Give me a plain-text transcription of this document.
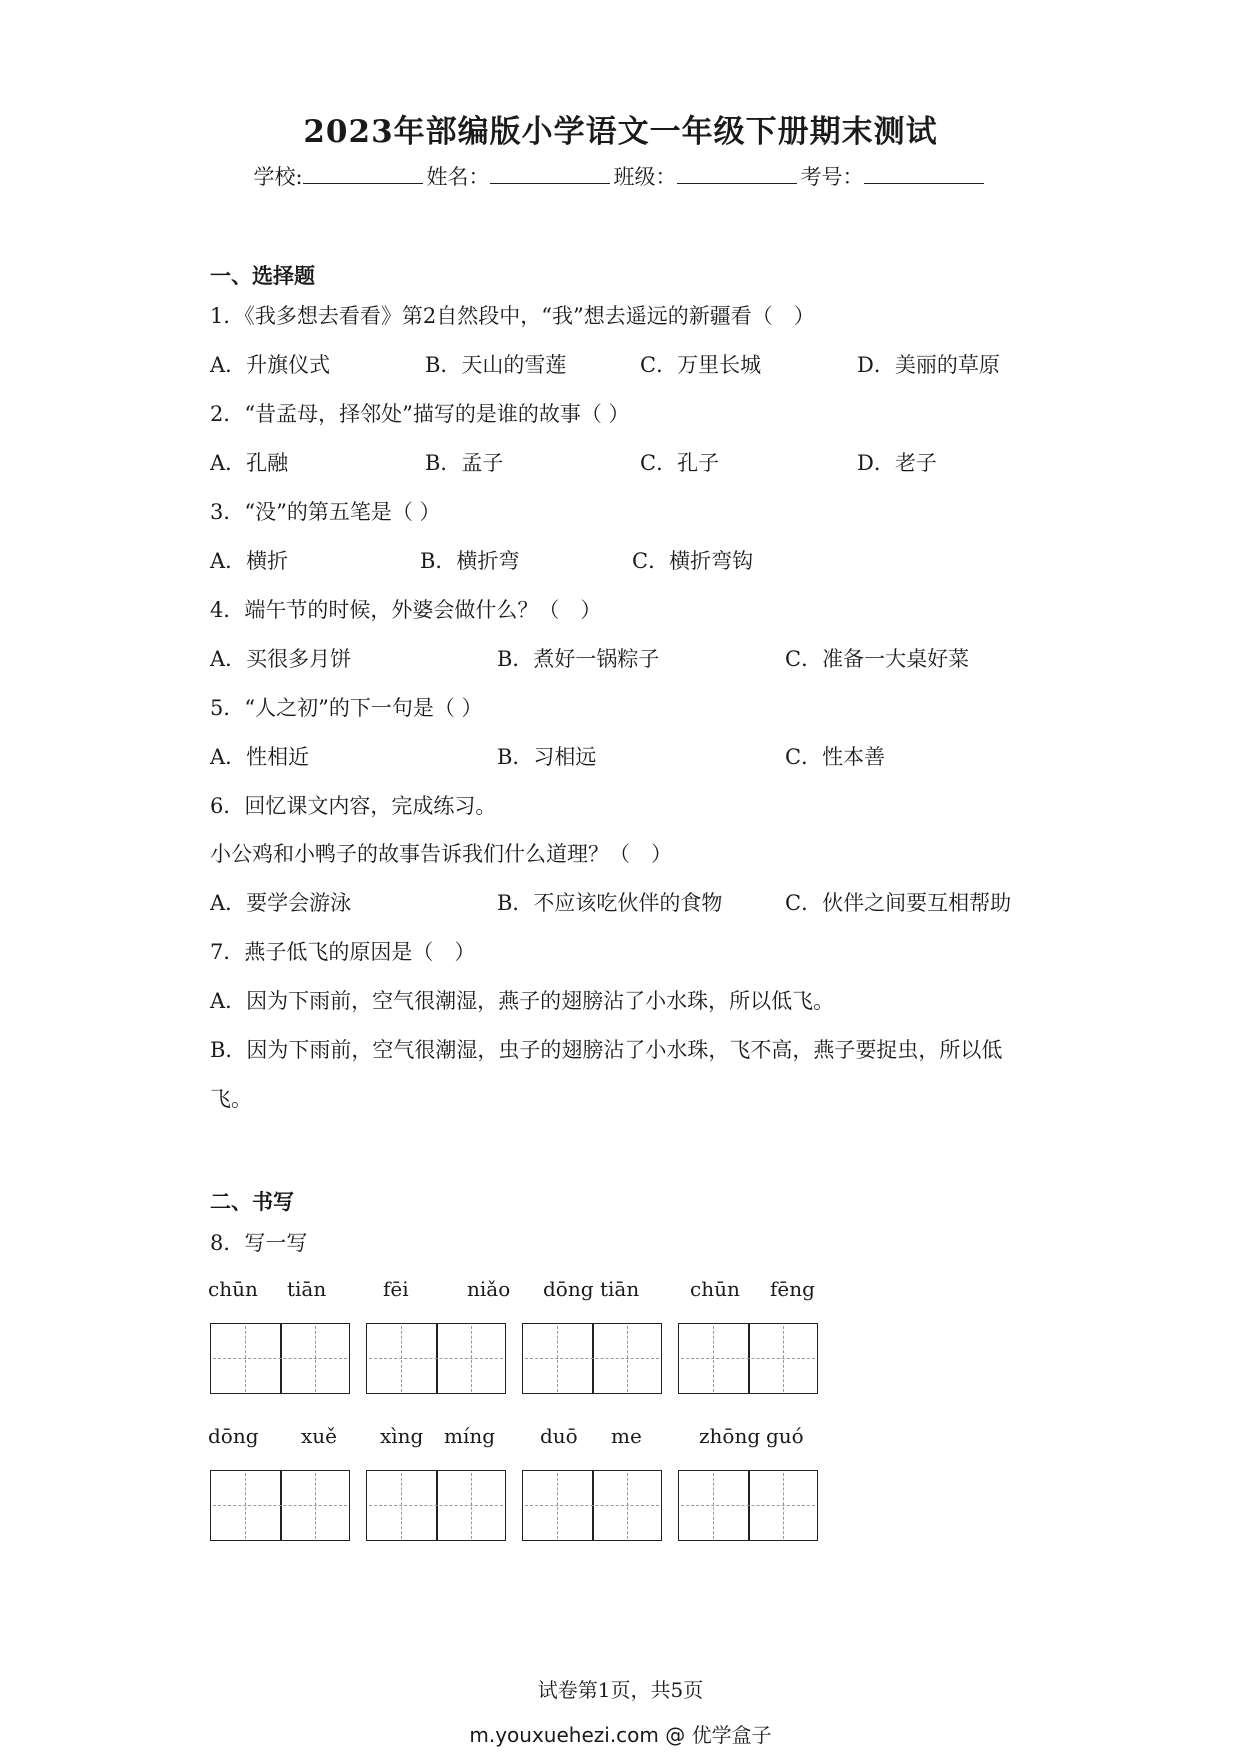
2023年部编版小学语文一年级下册期末测试
学校:	姓名：	班级：	考号：
一、选择题
1．《我多想去看看》第2自然段中，“我”想去遥远的新疆看（　）
A．升旗仪式	B．天山的雪莲	C．万里长城	D．美丽的草原
2．“昔孟母，择邻处”描写的是谁的故事（ ）
A．孔融	B．孟子	C．孔子	D．老子
3．“没”的第五笔是（ ）
A．横折	B．横折弯	C．横折弯钩
4．端午节的时候，外婆会做什么？（　）
A．买很多月饼	B．煮好一锅粽子	C．准备一大桌好菜
5．“人之初”的下一句是（ ）
A．性相近	B．习相远	C．性本善
6．回忆课文内容，完成练习。
小公鸡和小鸭子的故事告诉我们什么道理？（　）
A．要学会游泳	B．不应该吃伙伴的食物	C．伙伴之间要互相帮助
7．燕子低飞的原因是（　）
A．因为下雨前，空气很潮湿，燕子的翅膀沾了小水珠，所以低飞。
B．因为下雨前，空气很潮湿，虫子的翅膀沾了小水珠，飞不高，燕子要捉虫，所以低
飞。
二、书写
8．写一写
chūn tiān	fēi	niǎo dōng tiān	chūn fēng
dōng xuě xìng míng duō me	zhōng guó
试卷第1页，共5页
m.youxuehezi.com @ 优学盒子
